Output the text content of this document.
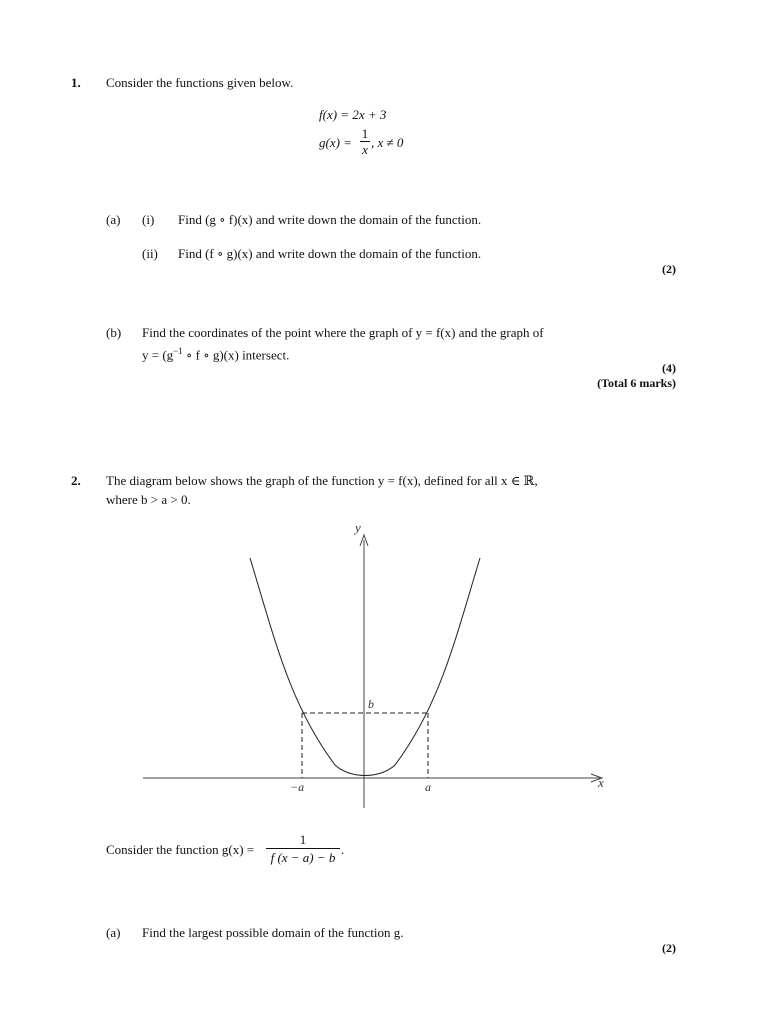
1. Consider the functions given below.
f(x) = 2x + 3
$g(x) = \frac{1}{x}$ , x ≠ 0
(a) (i) Find (g ∘ f)(x) and write down the domain of the function.
(ii) Find (f ∘ g)(x) and write down the domain of the function.
(2)
(b) Find the coordinates of the point where the graph of y = f(x) and the graph of
$y = (g^{-1}$ ∘ f ∘ g)(x) intersect.
(4)
(Total 6 marks)
2. The diagram below shows the graph of the function y = f(x), defined for all x ∈ ℝ,
where b > a > 0.
y
x
b
−a	a
Consider the function $g(x) = \frac{1}{f (x - a) - b}$ .
(a) Find the largest possible domain of the function g.
(2)
